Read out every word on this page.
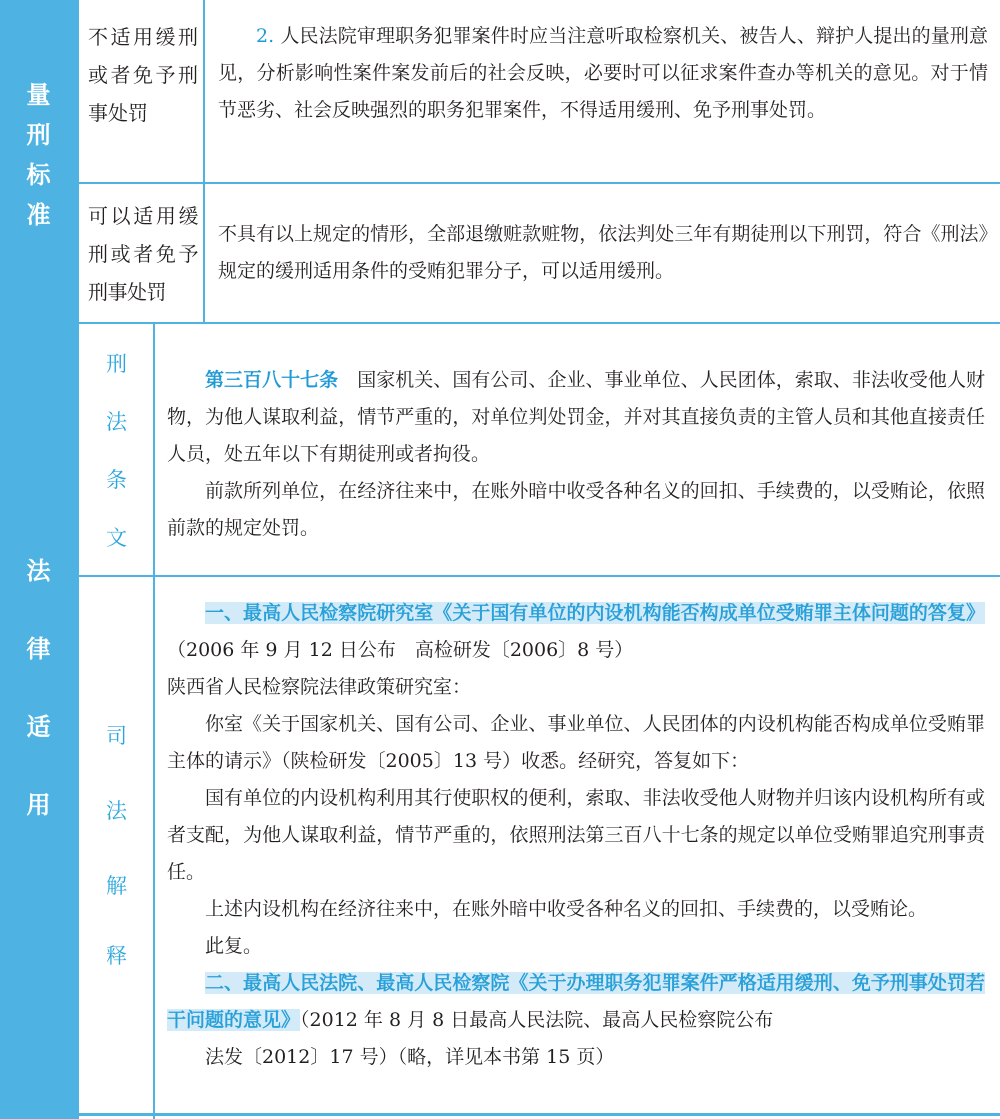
量
刑
标
准
法
律
适
用
刑
法
条
文
司
法
解
释
不适用缓刑或者免予刑事处罚

2. 人民法院审理职务犯罪案件时应当注意听取检察机关、被告人、辩护人提出的量刑意见，分析影响性案件案发前后的社会反映，必要时可以征求案件查办等机关的意见。对于情节恶劣、社会反映强烈的职务犯罪案件，不得适用缓刑、免予刑事处罚。

可以适用缓刑或者免予刑事处罚

不具有以上规定的情形，全部退缴赃款赃物，依法判处三年有期徒刑以下刑罚，符合《刑法》规定的缓刑适用条件的受贿犯罪分子，可以适用缓刑。

第三百八十七条　 国家机关、国有公司、企业、事业单位、人民团体，索取、非法收受他人财物，为他人谋取利益，情节严重的，对单位判处罚金，并对其直接负责的主管人员和其他直接责任人员，处五年以下有期徒刑或者拘役。

前款所列单位，在经济往来中，在账外暗中收受各种名义的回扣、手续费的，以受贿论，依照前款的规定处罚。

一、最高人民检察院研究室《关于国有单位的内设机构能否构成单位受贿罪主体问题的答复》（2006 年 9 月 12 日公布　高检研发〔2006〕8 号）

陕西省人民检察院法律政策研究室：

你室《关于国家机关、国有公司、企业、事业单位、人民团体的内设机构能否构成单位受贿罪主体的请示》（陕检研发〔2005〕13 号）收悉。经研究，答复如下：

国有单位的内设机构利用其行使职权的便利，索取、非法收受他人财物并归该内设机构所有或者支配，为他人谋取利益，情节严重的，依照刑法第三百八十七条的规定以单位受贿罪追究刑事责任。

上述内设机构在经济往来中，在账外暗中收受各种名义的回扣、手续费的，以受贿论。

此复。

二、最高人民法院、最高人民检察院《关于办理职务犯罪案件严格适用缓刑、免予刑事处罚若干问题的意见》（2012 年 8 月 8 日最高人民法院、最高人民检察院公布

法发〔2012〕17 号）（略，详见本书第 15 页）
